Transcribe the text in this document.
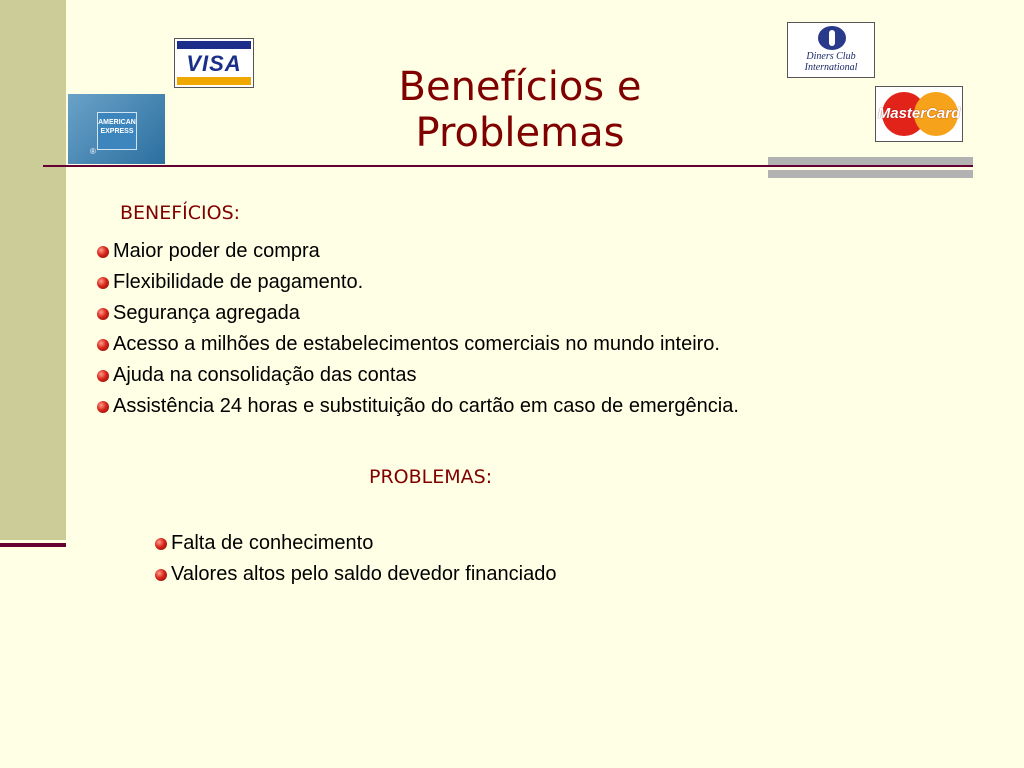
VISA
AMERICAN
EXPRESS
®
Diners Club
International
MasterCard
Benefícios e
Problemas
BENEFÍCIOS:
Maior poder de compra
Flexibilidade de pagamento.
Segurança agregada
Acesso a milhões de estabelecimentos comerciais no mundo inteiro.
Ajuda na consolidação das contas
Assistência 24 horas e substituição do cartão em caso de emergência.
PROBLEMAS:
Falta de conhecimento
Valores altos pelo saldo devedor financiado
